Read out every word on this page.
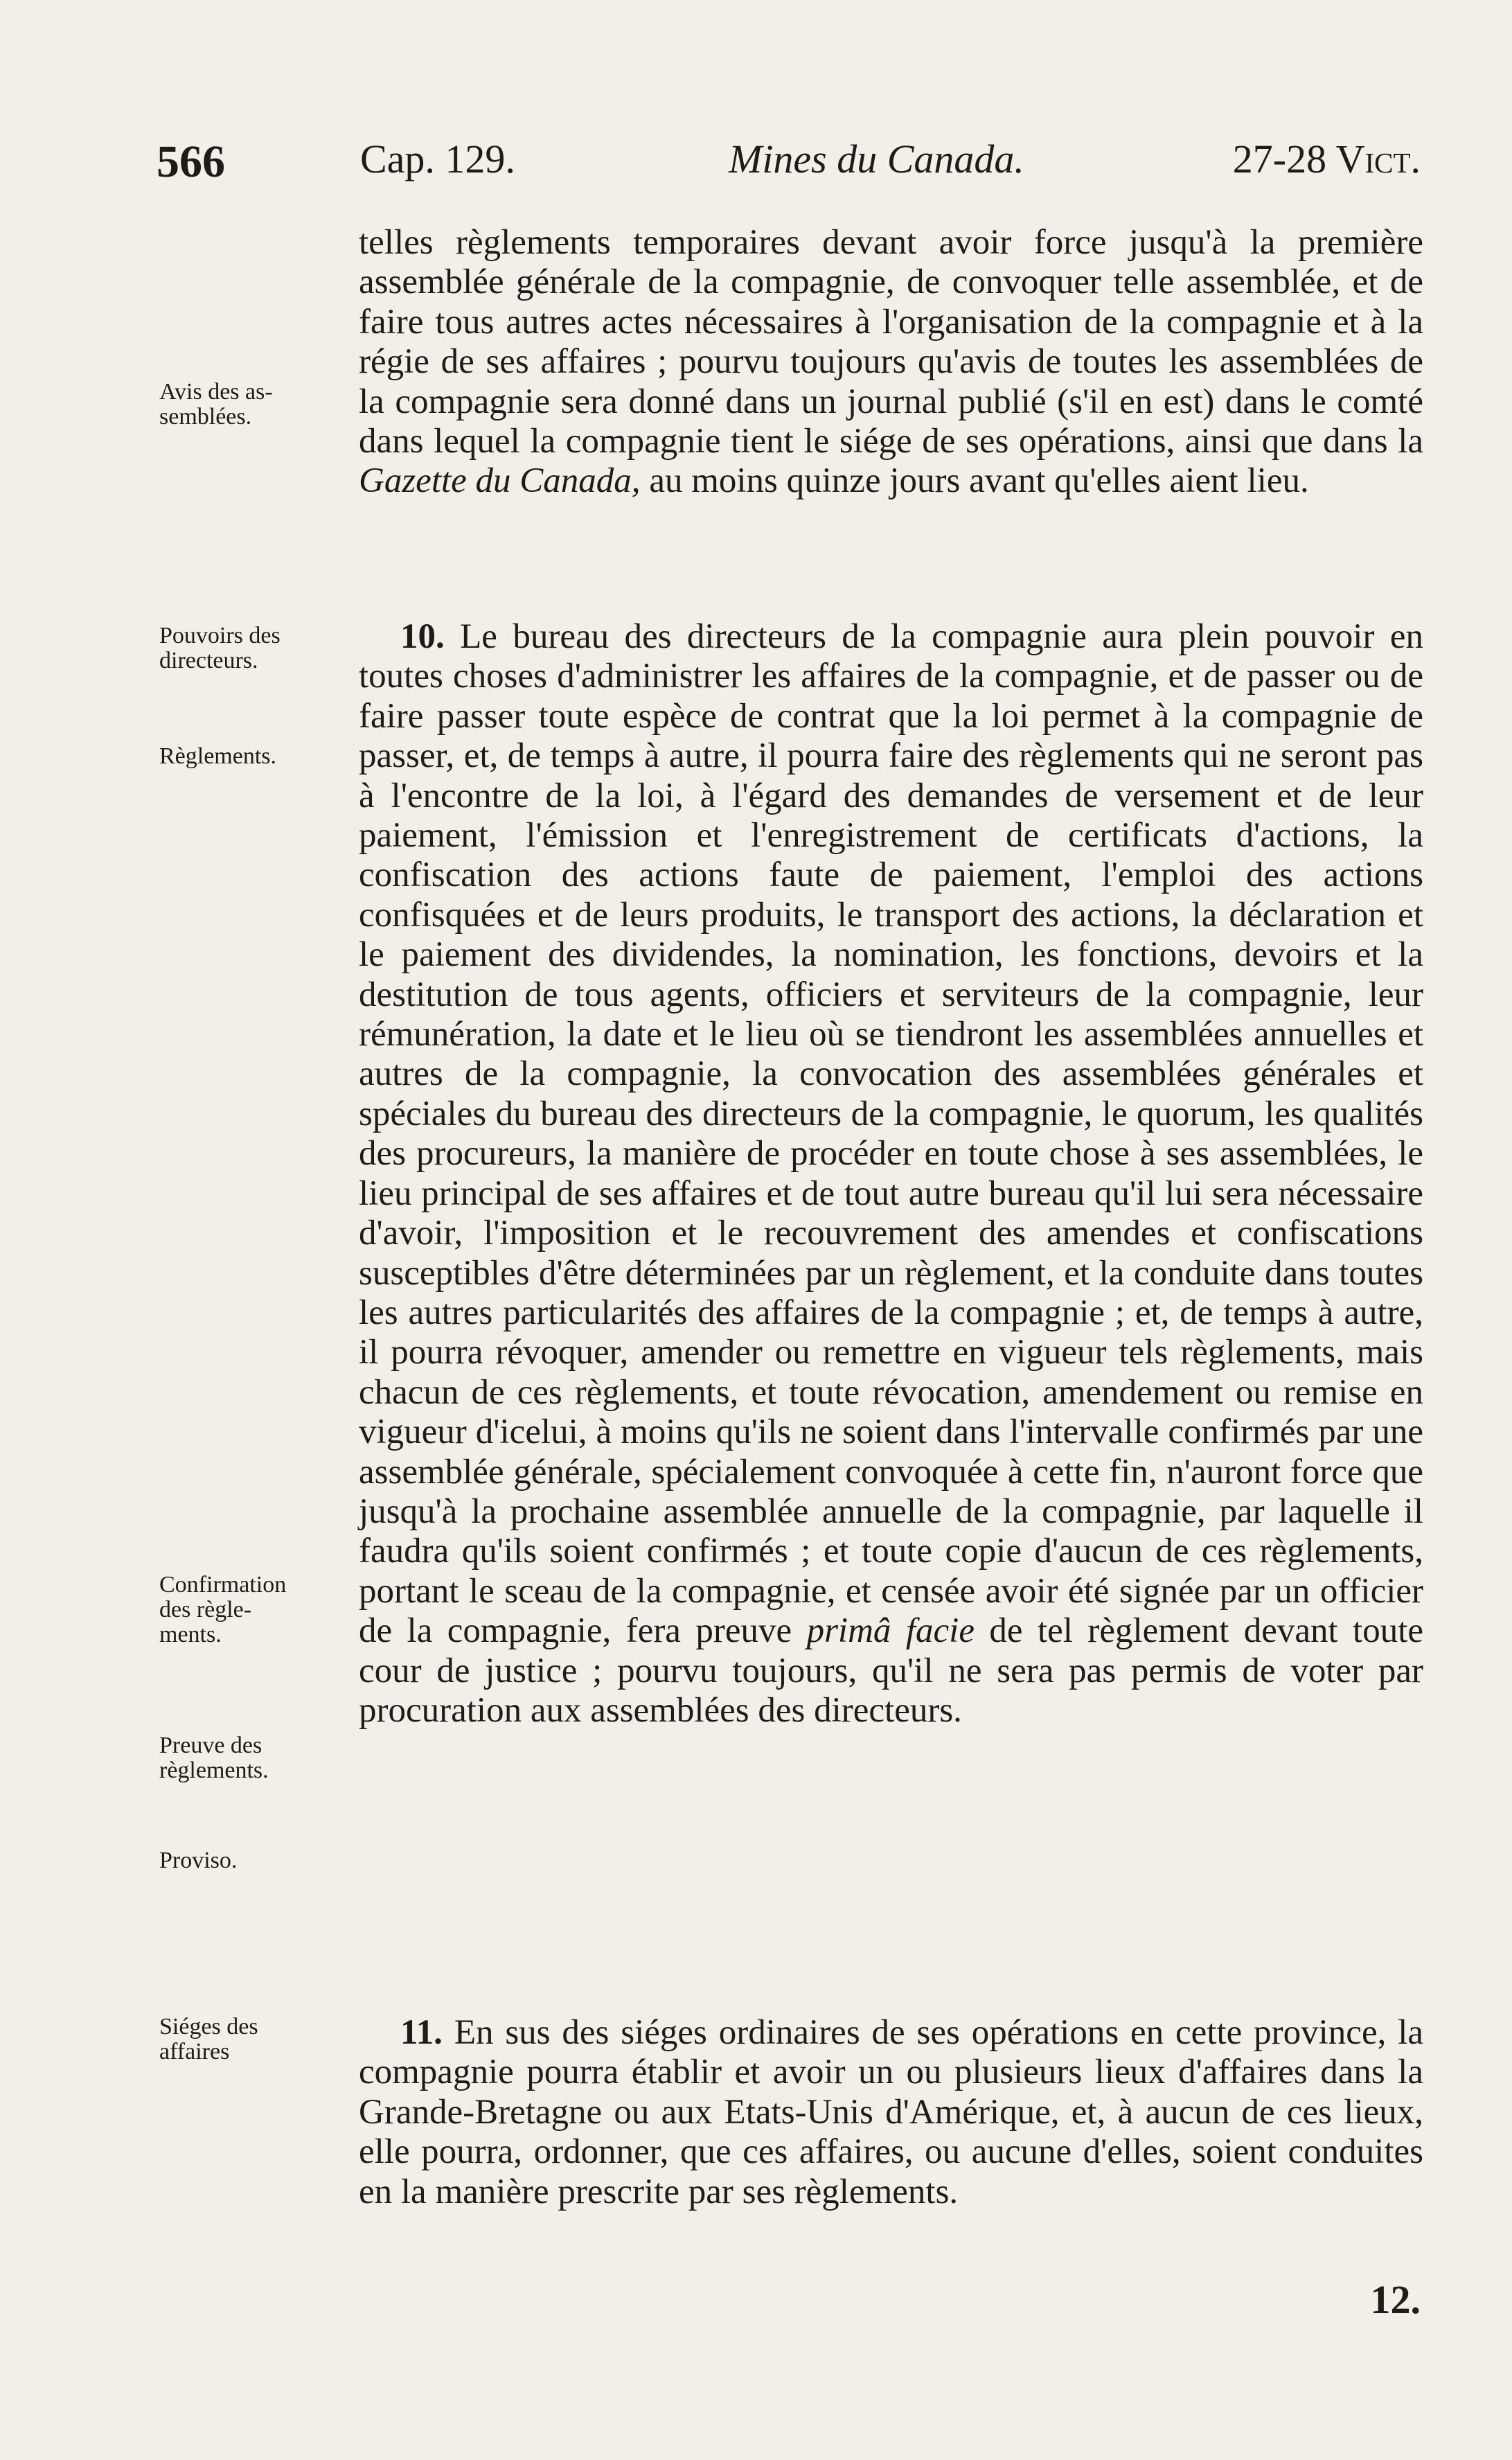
566	Cap. 129.	Mines du Canada.	27-28 Vict.
Avis des as-
semblées.
Pouvoirs des
directeurs.
Règlements.
Confirmation
des règle-
ments.
Preuve des
règlements.
Proviso.
Siéges des
affaires

telles règlements temporaires devant avoir force jusqu'à la première assemblée générale de la compagnie, de convoquer telle assemblée, et de faire tous autres actes nécessaires à l'organisation de la compagnie et à la régie de ses affaires ; pourvu toujours qu'avis de toutes les assemblées de la compagnie sera donné dans un journal publié (s'il en est) dans le comté dans lequel la compagnie tient le siége de ses opérations, ainsi que dans la Gazette du Canada, au moins quinze jours avant qu'elles aient lieu.

10. Le bureau des directeurs de la compagnie aura plein pouvoir en toutes choses d'administrer les affaires de la compagnie, et de passer ou de faire passer toute espèce de contrat que la loi permet à la compagnie de passer, et, de temps à autre, il pourra faire des règlements qui ne seront pas à l'encontre de la loi, à l'égard des demandes de versement et de leur paiement, l'émission et l'enregistrement de certificats d'actions, la confiscation des actions faute de paiement, l'emploi des actions confisquées et de leurs produits, le transport des actions, la déclaration et le paiement des dividendes, la nomination, les fonctions, devoirs et la destitution de tous agents, officiers et serviteurs de la compagnie, leur rémunération, la date et le lieu où se tiendront les assemblées annuelles et autres de la compagnie, la convocation des assemblées générales et spéciales du bureau des directeurs de la compagnie, le quorum, les qualités des procureurs, la manière de procéder en toute chose à ses assemblées, le lieu principal de ses affaires et de tout autre bureau qu'il lui sera nécessaire d'avoir, l'imposition et le recouvrement des amendes et confiscations susceptibles d'être déterminées par un règlement, et la conduite dans toutes les autres particularités des affaires de la compagnie ; et, de temps à autre, il pourra révoquer, amender ou remettre en vigueur tels règlements, mais chacun de ces règlements, et toute révocation, amendement ou remise en vigueur d'icelui, à moins qu'ils ne soient dans l'intervalle confirmés par une assemblée générale, spécialement convoquée à cette fin, n'auront force que jusqu'à la prochaine assemblée annuelle de la compagnie, par laquelle il faudra qu'ils soient confirmés ; et toute copie d'aucun de ces règlements, portant le sceau de la compagnie, et censée avoir été signée par un officier de la compagnie, fera preuve primâ facie de tel règlement devant toute cour de justice ; pourvu toujours, qu'il ne sera pas permis de voter par procuration aux assemblées des directeurs.

11. En sus des siéges ordinaires de ses opérations en cette province, la compagnie pourra établir et avoir un ou plusieurs lieux d'affaires dans la Grande-Bretagne ou aux Etats-Unis d'Amérique, et, à aucun de ces lieux, elle pourra, ordonner, que ces affaires, ou aucune d'elles, soient conduites en la manière prescrite par ses règlements.

12.
